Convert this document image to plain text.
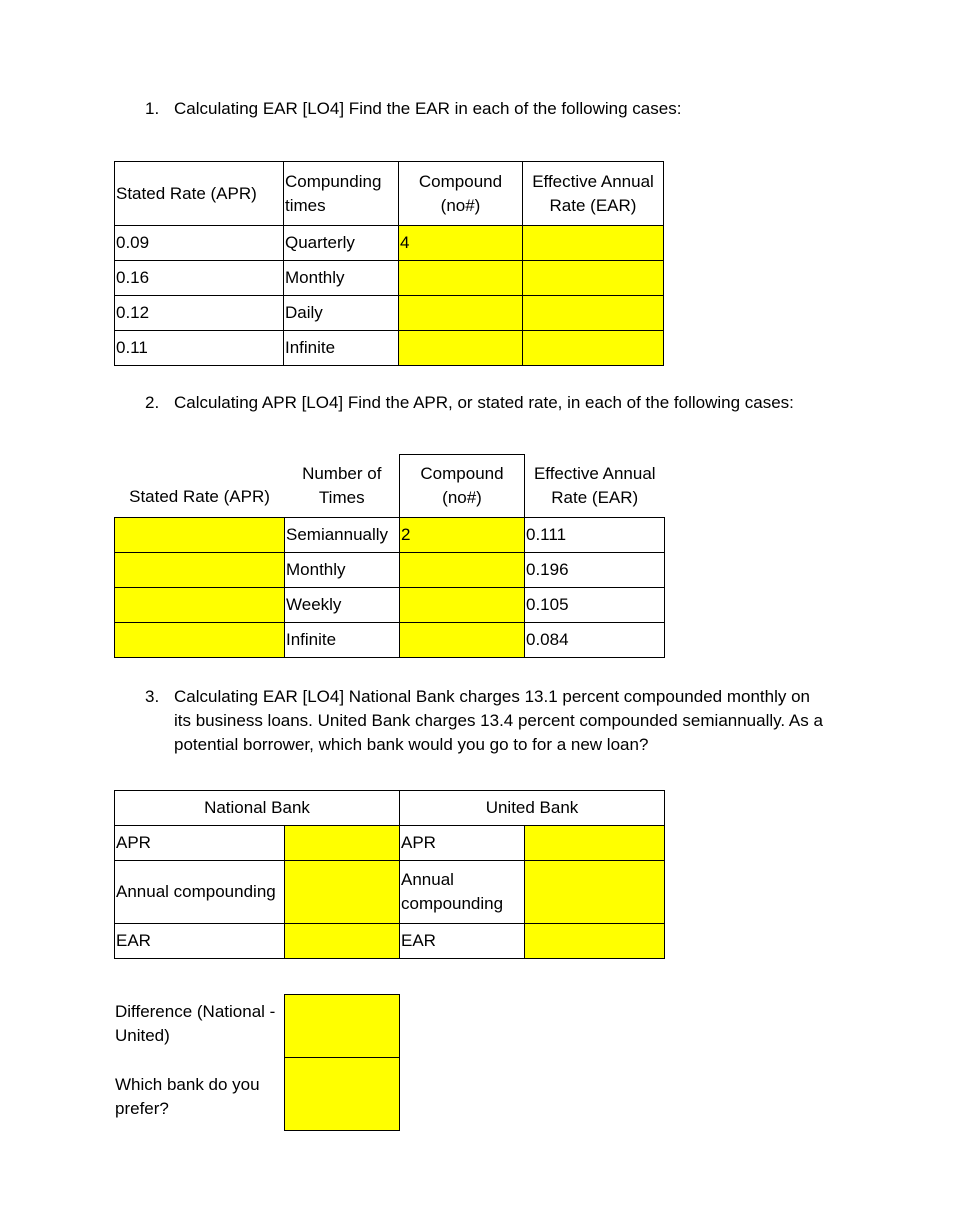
1. Calculating EAR [LO4] Find the EAR in each of the following cases:
Stated Rate (APR)	Compunding times	Compound (no#)	Effective Annual Rate (EAR)
0.09	Quarterly	4	
0.16	Monthly		
0.12	Daily		
0.11	Infinite		
2. Calculating APR [LO4] Find the APR, or stated rate, in each of the following cases:
Stated Rate (APR)	Number of Times	Compound (no#)	Effective Annual Rate (EAR)
	Semiannually	2	0.111
	Monthly		0.196
	Weekly		0.105
	Infinite		0.084
3. Calculating EAR [LO4] National Bank charges 13.1 percent compounded monthly on its business loans. United Bank charges 13.4 percent compounded semiannually. As a potential borrower, which bank would you go to for a new loan?
National Bank		United Bank	
APR		APR	
Annual compounding		Annual compounding	
EAR		EAR	
Difference (National - United)
Which bank do you prefer?
